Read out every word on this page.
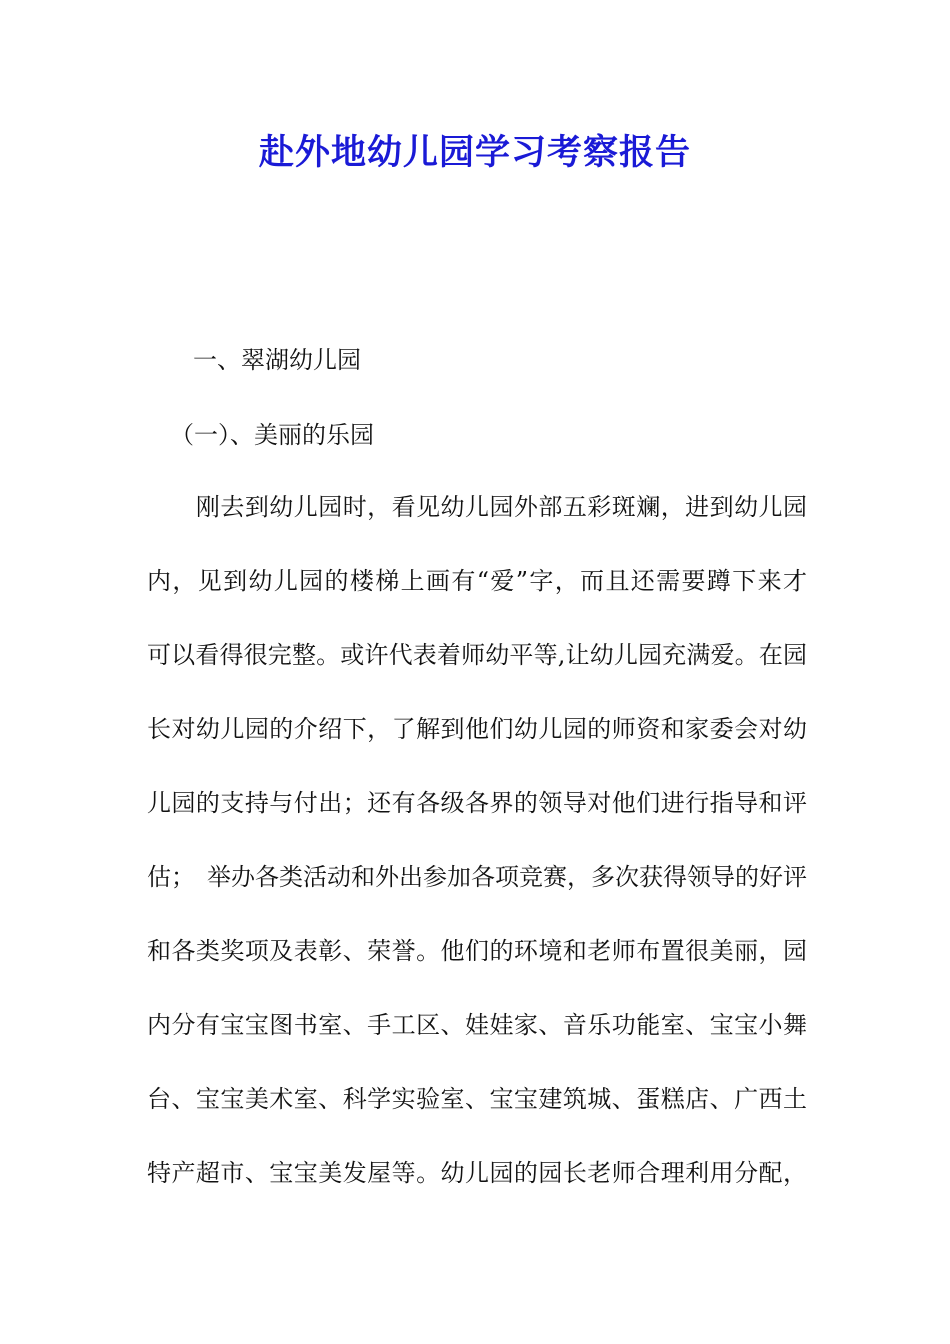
赴外地幼儿园学习考察报告

一、翠湖幼儿园

（一）、美丽的乐园

　　刚去到幼儿园时，看见幼儿园外部五彩斑斓，进到幼儿园
内，见到幼儿园的楼梯上画有“爱”字，而且还需要蹲下来才
可以看得很完整。或许代表着师幼平等,让幼儿园充满爱。在园
长对幼儿园的介绍下，了解到他们幼儿园的师资和家委会对幼
儿园的支持与付出；还有各级各界的领导对他们进行指导和评
估；　举办各类活动和外出参加各项竞赛，多次获得领导的好评
和各类奖项及表彰、荣誉。他们的环境和老师布置很美丽，园
内分有宝宝图书室、手工区、娃娃家、音乐功能室、宝宝小舞
台、宝宝美术室、科学实验室、宝宝建筑城、蛋糕店、广西土
特产超市、宝宝美发屋等。幼儿园的园长老师合理利用分配，
